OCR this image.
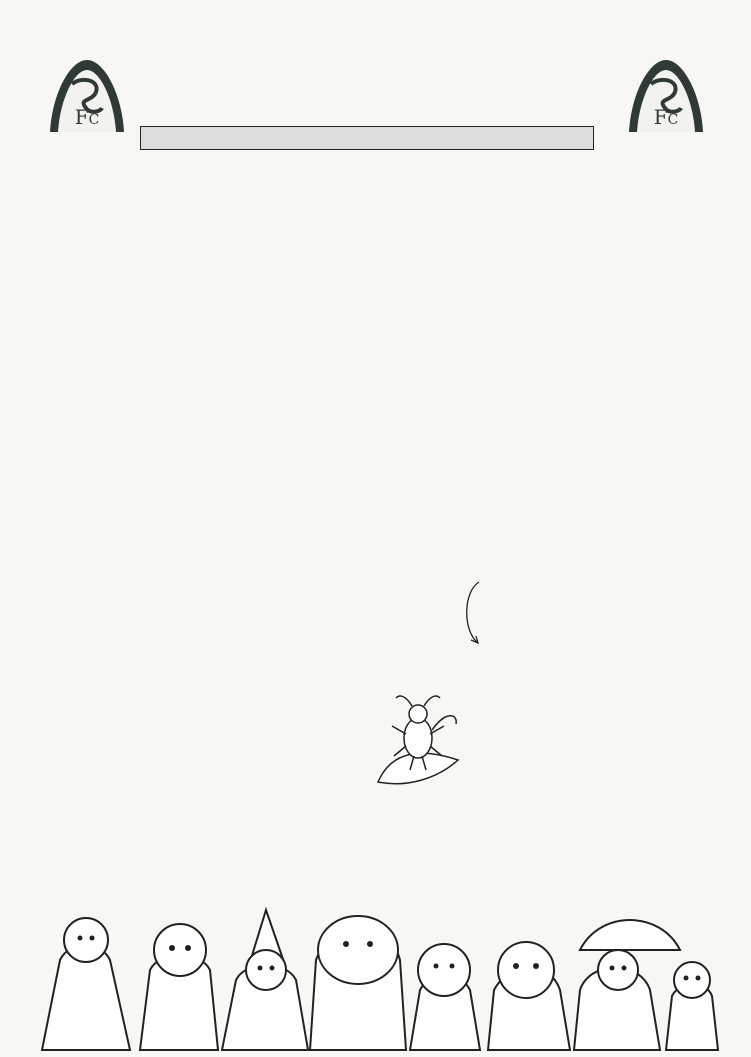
FC	FC
